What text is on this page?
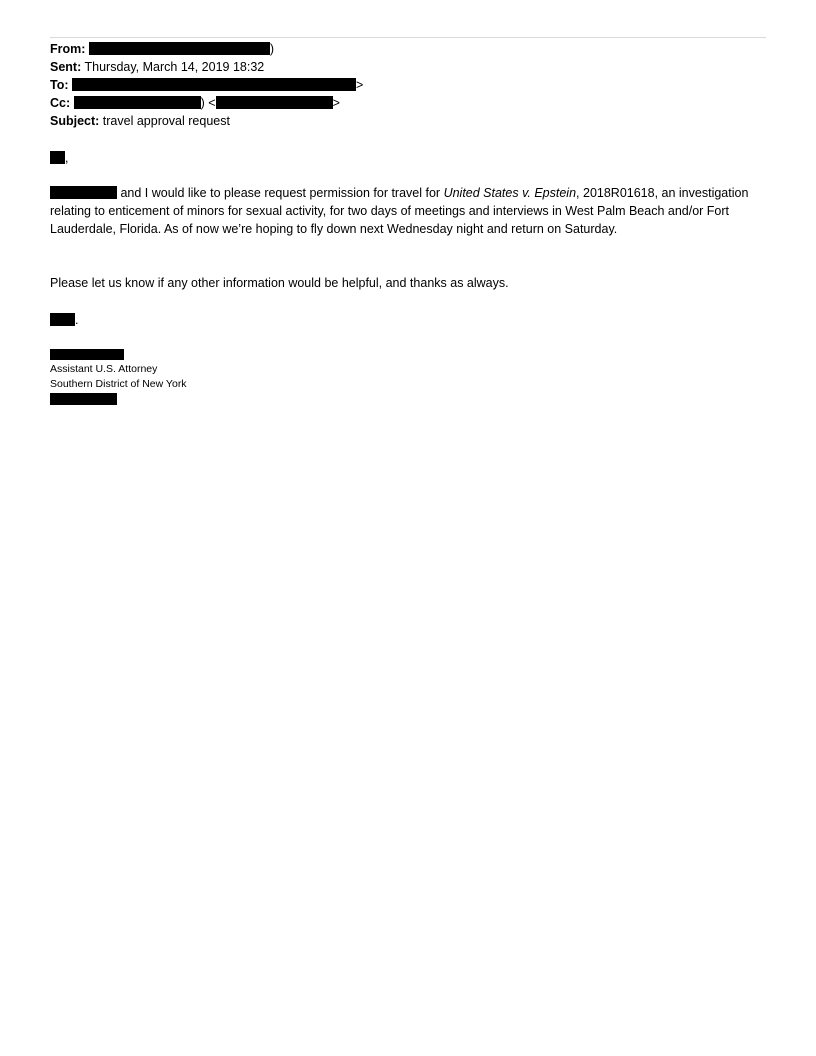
From:	)
Sent: Thursday, March 14, 2019 18:32
To:	>
Cc:	) <	>
Subject: travel approval request
,
and I would like to please request permission for travel for United States v. Epstein, 2018R01618, an investigation relating to enticement of minors for sexual activity, for two days of meetings and interviews in West Palm Beach and/or Fort Lauderdale, Florida. As of now we’re hoping to fly down next Wednesday night and return on Saturday.
Please let us know if any other information would be helpful, and thanks as always.
.
Assistant U.S. Attorney
Southern District of New York
